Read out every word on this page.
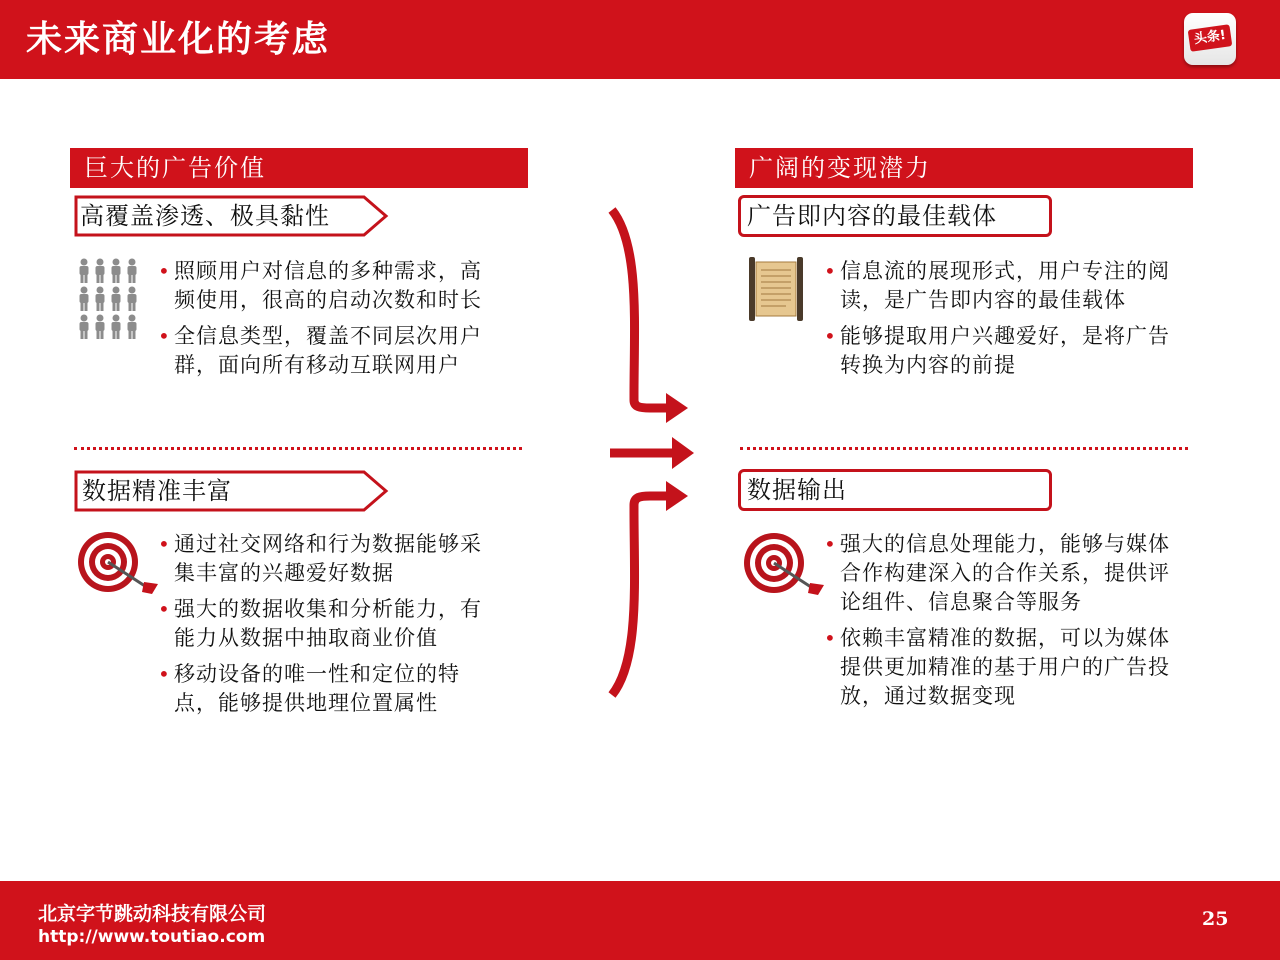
未来商业化的考虑	头条!
巨大的广告价值
高覆盖渗透、极具黏性
• 照顾用户对信息的多种需求，高频使用，很高的启动次数和时长
• 全信息类型，覆盖不同层次用户群，面向所有移动互联网用户
数据精准丰富
• 通过社交网络和行为数据能够采集丰富的兴趣爱好数据
• 强大的数据收集和分析能力，有能力从数据中抽取商业价值
• 移动设备的唯一性和定位的特点，能够提供地理位置属性
广阔的变现潜力
广告即内容的最佳载体
• 信息流的展现形式，用户专注的阅读，是广告即内容的最佳载体
• 能够提取用户兴趣爱好，是将广告转换为内容的前提
数据输出
• 强大的信息处理能力，能够与媒体合作构建深入的合作关系，提供评论组件、信息聚合等服务
• 依赖丰富精准的数据，可以为媒体提供更加精准的基于用户的广告投放，通过数据变现
北京字节跳动科技有限公司
http://www.toutiao.com
25
